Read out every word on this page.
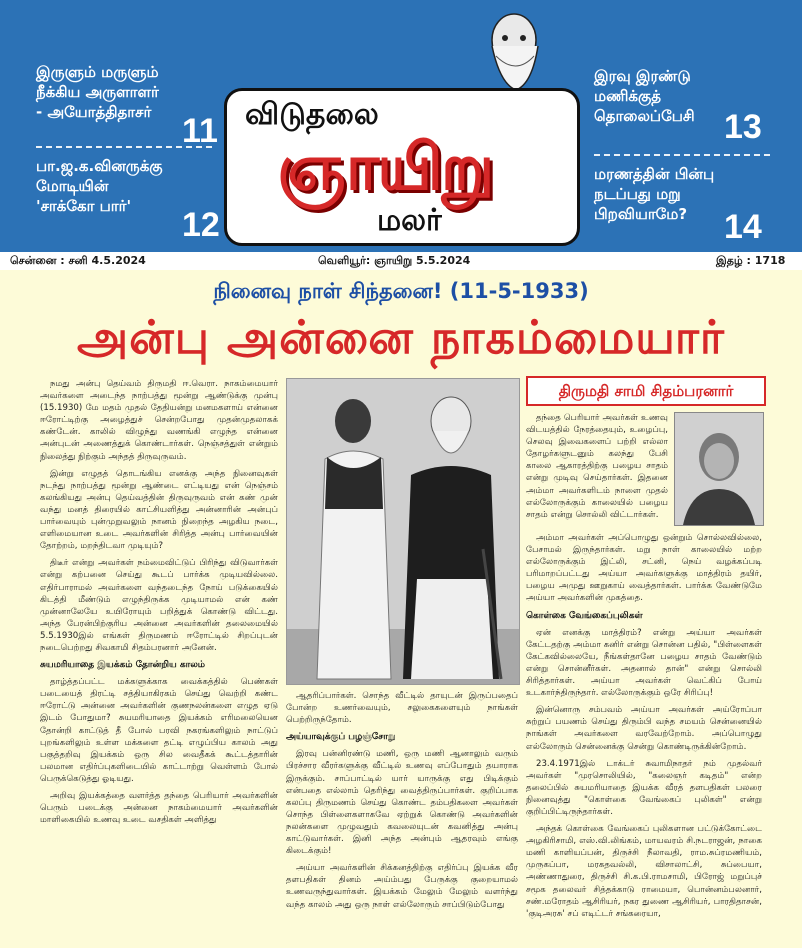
இருளும் மருளும்
நீக்கிய அருளாளர்
- அயோத்திதாசர் 11
பா.ஜ.க.வினருக்கு
மோடியின்
'சாக்கோ பார்'	12
இரவு இரண்டு
மணிக்குத்
தொலைப்பேசி 13
மரணத்தின் பின்பு
நடப்பது மறு
பிறவியாமே?	14
விடுதலை
ஞாயிறு
மலர்
சென்னை : சனி 4.5.2024	வெளியூர்: ஞாயிறு 5.5.2024	இதழ் : 1718
நினைவு நாள் சிந்தனை! (11-5-1933)
அன்பு அன்னை நாகம்மையார்

நமது அன்பு தெய்வம் திருமதி ஈ.வெரா. நாகம்மையார் அவர்களை அடைந்த நாற்பத்து மூன்று ஆண்டுக்கு முன்பு (15.1930) மே மதம் முதல் தேதியன்று மனமகளாய் என்னை ஈரோட்டிற்கு அழைத்துச் சென்றபோது முதன்முதலாகக் கண்டேன். காலில் விழுந்து வணங்கி எழுந்த என்னை அன்புடன் அணைத்துக் கொண்டார்கள். நெஞ்சத்துள் என்றும் நிலைத்து நிற்கும் அந்தத் திருவுருவம்.

இன்று எழுதத் தொடங்கிய எனக்கு அந்த நினைவுகள் நடந்து நாற்பத்து மூன்று ஆண்டை எட்டியது என் நெஞ்சம் கலங்கியது அன்பு தெய்வத்தின் திருவுருவம் என் கண் முன் வந்து மனத் திரையில் காட்சியளித்து அன்னாரின் அன்புப் பார்வையும் புன்முறுவலும் நானம் நிறைந்த அழகிய நடை, எளிமையான உடை அவர்களின் சிரித்த அன்பு பார்வையின் தோற்றம், மறந்திடவா முடியும்?

திடீர் என்று அவர்கள் நம்மைவிட்டுப் பிரிந்து விடுவார்கள் என்று கற்பனை செய்து கூடப் பார்க்க முடியவில்லை. எதிர்பாராமல் அவர்களை வந்தடைந்த நோய் படுக்கையில் கிடத்தி மீண்டும் எழுந்திருக்க முடியாமல் என் கண் முன்னாலேயே உயிரோயும் பறித்துக் கொண்டு விட்டது. அந்த பேரன்பிற்குரிய அன்னை அவர்களின் தலைமையில் 5.5.1930இல் எங்கள் திருமணம் ஈரோட்டில் சிறப்புடன் நடைபெற்றது சிவகாமி சிதம்பரனார் அனேன்.

சுயமரியாதை இயக்கம் தோன்றிய காலம்

தாழ்த்தப்பட்ட மக்களுக்காக வைக்கத்தில் பெண்கள் படையைத் திரட்டி சத்தியாகிரகம் செய்து வெற்றி கண்ட ஈரோட்டு அன்னை அவர்களின் குணநலன்களை எழுத ஏடு இடம் போதுமா? சுயமரியாதை இயக்கம் எரிமலையென தோன்றி காட்டுத் தீ போல் பரவி நகரங்களிலும் நாட்டுப் புறங்களிலும் உள்ள மக்களை தட்டி எழுப்பிய காலம் அது பகுத்தறிவு இயக்கம் ஒரு சில வைதீகக் கூட்டத்தாரின் பலமான எதிர்ப்புகளிடையில் காட்டாற்று வெள்ளம் போல் பெருக்கெடுத்து ஓடியது.

அறிவு இயக்கத்தை வளர்த்த தந்தை பெரியார் அவர்களின் பெரும் படைக்கு அன்னை நாகம்மையார் அவர்களின் மாளிகையில் உணவு உடை வசதிகள் அளித்து

ஆதரிப்பார்கள். சொந்த வீட்டில் தாயுடன் இருப்பதைப் போன்ற உணர்வையும், சலுகைகளையும் நாங்கள் பெற்றிருந்தோம்.

அய்யாவுக்குப் பழஞ்சோறு

இரவு பன்னிரண்டு மணி, ஒரு மணி ஆனாலும் வரும் பிரச்சார வீரர்களுக்கு வீட்டில் உணவு எப்போதும் தயாராக இருக்கும். சாப்பாட்டில் யார் யாருக்கு எது பிடிக்கும் என்பதை எல்லாம் தெரிந்து வைத்திருப்பார்கள். குறிப்பாக கலப்பு திருமணம் செய்து கொண்ட தம்பதிகளை அவர்கள் சொந்த பிள்ளைகளாகவே ஏற்றுக் கொண்டு அவர்களின் நலன்களை முழுவதும் கவலையுடன் கவனித்து அன்பு காட்டுவார்கள். இனி அந்த அன்பும் ஆதரவும் எங்கு கிடைக்கும்!

அய்யா அவர்களின் சிக்கனத்திற்கு எதிர்ப்பு இயக்க வீர தளபதிகள் தினம் அய்ம்பது பேருக்கு குறையாமல் உணவருந்துவார்கள். இயக்கம் மேலும் மேலும் வளர்ந்து வந்த காலம் அது ஒரு நாள் எல்லோரும் சாப்பிடும்போது

திருமதி சாமி சிதம்பரனார்

தந்தை பெரியார் அவர்கள் உணவு விடயத்தில் நேரத்தையும், உழைப்பு, செலவு இவைகளைப் பற்றி எல்லா தோழர்களுடனும் கலந்து பேசி காலை ஆகாரத்திற்கு பழைய சாதம் என்று முடிவு செய்தார்கள். இதனை அம்மா அவர்களிடம் நாளை முதல் எல்லோருக்கும் காலையில் பழைய சாதம் என்று சொல்லி விட்டார்கள்.

அம்மா அவர்கள் அப்பொழுது ஒன்றும் சொல்லவில்லை, பேசாமல் இருந்தார்கள். மறு நாள் காலையில் மற்ற எல்லோருக்கும் இட்லி, சட்னி, நெய் வழக்கப்படி பரிமாறப்பட்டது அய்யா அவர்களுக்கு மாத்திரம் தயிர், பழைய அமுது ஊறுகாய் வைத்தார்கள். பார்க்க வேண்டுமே அய்யா அவர்களின் முகத்தை.

கொள்கை வேங்கைப்புலிகள்

ஏன் எனக்கு மாத்திரம்? என்று அய்யா அவர்கள் கேட்டதற்கு அம்மா கனிர் என்று சொன்ன பதில், "பிள்ளைகள் கேட்கவில்லையே, நீங்கள்தானே பழைய சாதம் வேண்டும் என்று சொன்னீர்கள். அதனால் தான்" என்று சொல்லி சிரித்தார்கள். அய்யா அவர்கள் வெட்கிப் போய் உடகார்ந்திருந்தார். எல்லோருக்கும் ஒரே சிரிப்பு!

இன்னொரு சம்பவம் அய்யா அவர்கள் அய்ரோப்பா சுற்றுப் பயணம் செய்து திரும்பி வந்த சமயம் சென்னையில் நாங்கள் அவர்களை வரவேற்றோம். அப்பொழுது எல்லோரும் சென்னைக்கு சென்று கொண்டிருக்கின்றோம்.

23.4.1971இல் டாக்டர் சுவாமிநாதர் நம் முதல்வர் அவர்கள் "முரசொலியில், "கலைஞர் கடிதம்" என்ற தலைப்பில் சுயமரியாதை இயக்க வீரத் தளபதிகள் பலரை நினைவுத்து "கொள்கை வேங்கைப் புலிகள்" என்று குறிப்பிட்டிருந்தார்கள்.

அந்தக் கொள்கை வேங்கைப் புலிகளான பட்டுக்கோட்டை அழகிரிசாமி, எஸ்.வி.லிங்கம், மாயவரம் சி.நடராஜன், நாகை மணி காளியப்பன், திருச்சி நீலாவதி, ராம.சுப்ரமணியம், முருகப்பா, மரகதவல்லி, விசாலாட்சி, சுப்பையா, அண்ணாதுரை, திருச்சி சி.க.பி.ராமசாமி, பிரோஜ் மறுப்புச் சமூக தலைவர் சித்தக்காடு ராமையா, பொன்னம்பலனார், சண்.மரோதம் ஆசிரியர், நகர துணை ஆசிரியர், பாரதிதாசன், 'குடிஅரசு' சப் எடிட்டர் சங்கரையா,
